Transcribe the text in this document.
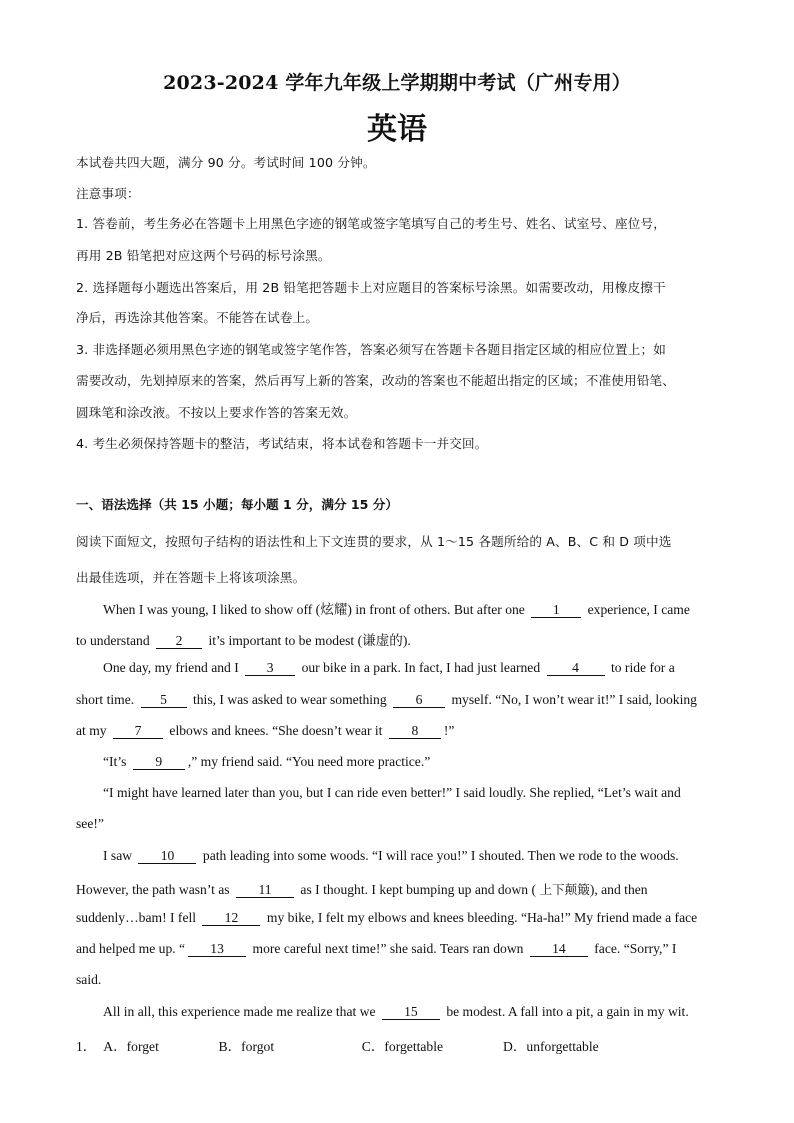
2023-2024 学年九年级上学期期中考试（广州专用）
英语
本试卷共四大题，满分 90 分。考试时间 100 分钟。
注意事项：
1. 答卷前，考生务必在答题卡上用黑色字迹的钢笔或签字笔填写自己的考生号、姓名、试室号、座位号，
再用 2B 铅笔把对应这两个号码的标号涂黑。
2. 选择题每小题选出答案后，用 2B 铅笔把答题卡上对应题目的答案标号涂黑。如需要改动，用橡皮擦干
净后，再选涂其他答案。不能答在试卷上。
3. 非选择题必须用黑色字迹的钢笔或签字笔作答，答案必须写在答题卡各题目指定区域的相应位置上；如
需要改动，先划掉原来的答案，然后再写上新的答案，改动的答案也不能超出指定的区域；不准使用铅笔、
圆珠笔和涂改液。不按以上要求作答的答案无效。
4. 考生必须保持答题卡的整洁，考试结束，将本试卷和答题卡一并交回。
一、语法选择（共 15 小题；每小题 1 分，满分 15 分）
阅读下面短文，按照句子结构的语法性和上下文连贯的要求，从 1～15 各题所给的 A、B、C 和 D 项中选
出最佳选项，并在答题卡上将该项涂黑。
When I was young, I liked to show off (炫耀) in front of others. But after one 1 experience, I came
to understand 2 it’s important to be modest (谦虚的).
One day, my friend and I 3 our bike in a park. In fact, I had just learned 4 to ride for a
short time. 5 this, I was asked to wear something 6 myself. “No, I won’t wear it!” I said, looking
at my 7 elbows and knees. “She doesn’t wear it 8 !”
“It’s 9 ,” my friend said. “You need more practice.”
“I might have learned later than you, but I can ride even better!” I said loudly. She replied, “Let’s wait and
see!”
I saw 10 path leading into some woods. “I will race you!” I shouted. Then we rode to the woods.
However, the path wasn’t as 11 as I thought. I kept bumping up and down ( 上下颠簸), and then
suddenly…bam! I fell 12 my bike, I felt my elbows and knees bleeding. “Ha-ha!” My friend made a face
and helped me up. “ 13 more careful next time!” she said. Tears ran down 14 face. “Sorry,” I
said.
All in all, this experience made me realize that we 15 be modest. A fall into a pit, a gain in my wit.
1． A．forget	B．forgot	C．forgettable	D．unforgettable
